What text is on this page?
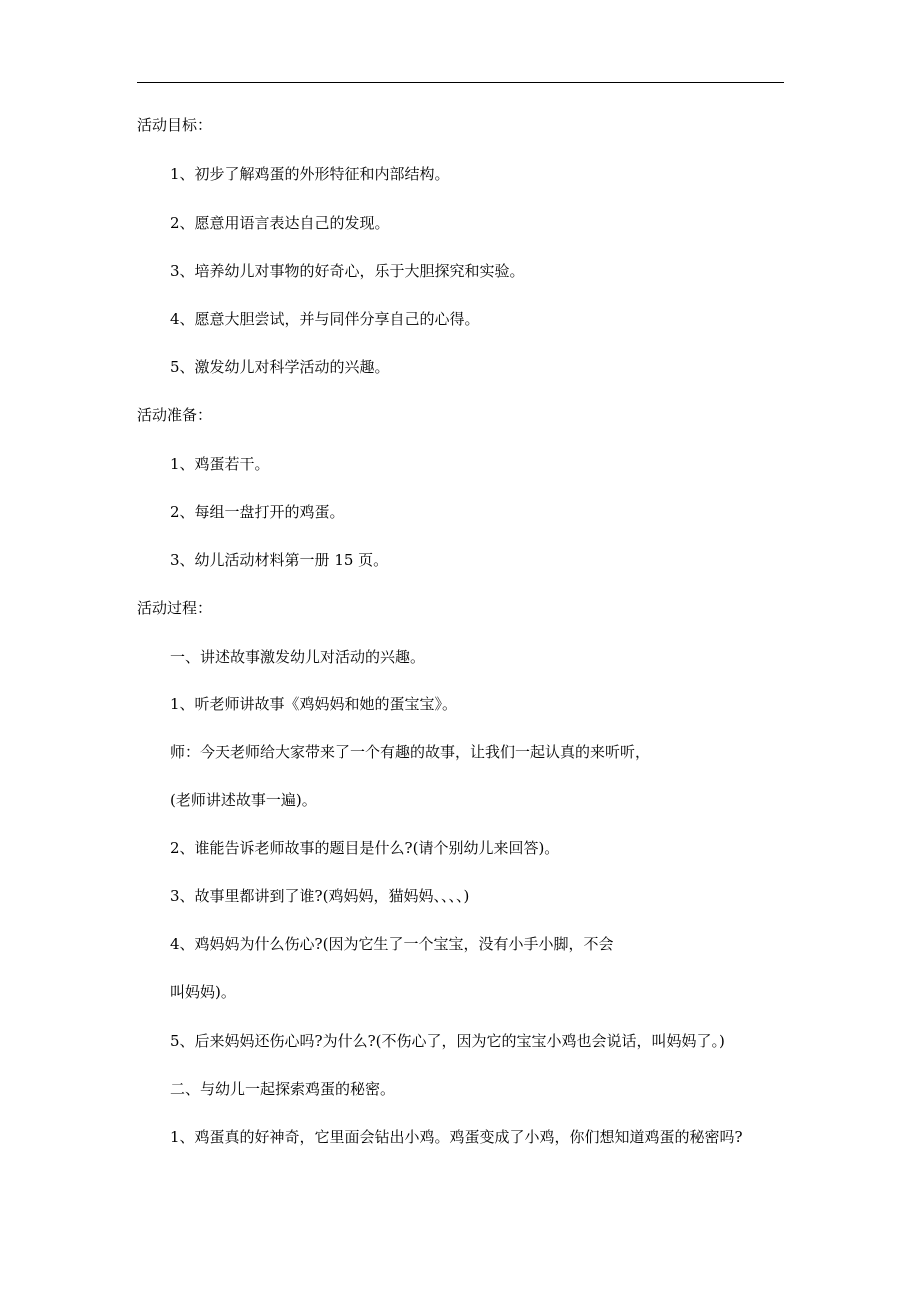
活动目标：

1、初步了解鸡蛋的外形特征和内部结构。

2、愿意用语言表达自己的发现。

3、培养幼儿对事物的好奇心，乐于大胆探究和实验。

4、愿意大胆尝试，并与同伴分享自己的心得。

5、激发幼儿对科学活动的兴趣。

活动准备：

1、鸡蛋若干。

2、每组一盘打开的鸡蛋。

3、幼儿活动材料第一册 15 页。

活动过程：

一、讲述故事激发幼儿对活动的兴趣。

1、听老师讲故事《鸡妈妈和她的蛋宝宝》。

师：今天老师给大家带来了一个有趣的故事，让我们一起认真的来听听，

(老师讲述故事一遍)。

2、谁能告诉老师故事的题目是什么?(请个别幼儿来回答)。

3、故事里都讲到了谁?(鸡妈妈，猫妈妈、、、、)

4、鸡妈妈为什么伤心?(因为它生了一个宝宝，没有小手小脚，不会

叫妈妈)。

5、后来妈妈还伤心吗?为什么?(不伤心了，因为它的宝宝小鸡也会说话，叫妈妈了。)

二、与幼儿一起探索鸡蛋的秘密。

1、鸡蛋真的好神奇，它里面会钻出小鸡。鸡蛋变成了小鸡，你们想知道鸡蛋的秘密吗?
